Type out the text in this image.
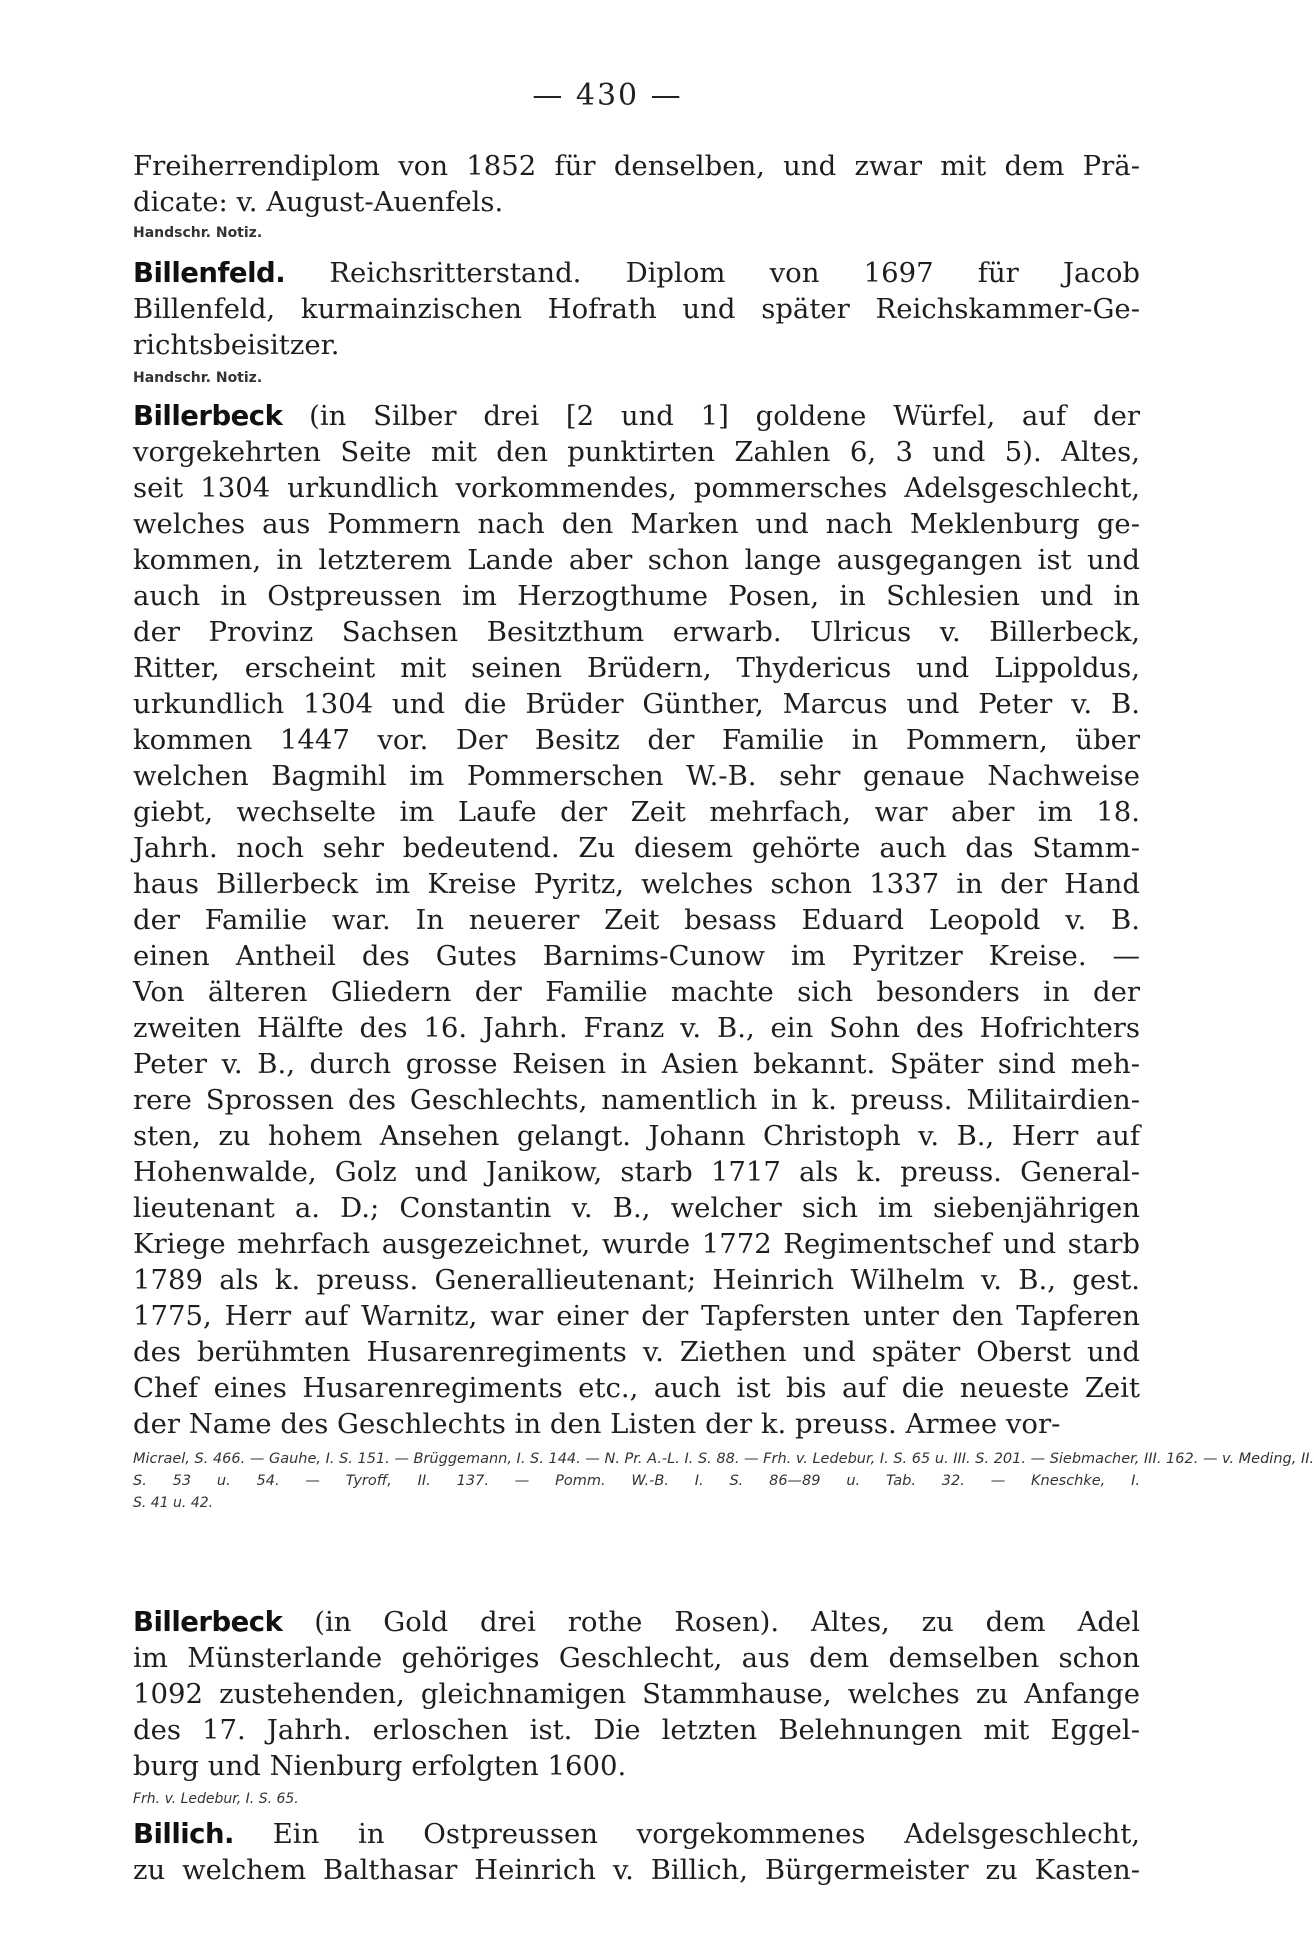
— 430 —
Freiherrendiplom von 1852 für denselben, und zwar mit dem Prä-
dicate: v. August-Auenfels.
Handschr. Notiz.
Billenfeld. Reichsritterstand. Diplom von 1697 für Jacob
Billenfeld, kurmainzischen Hofrath und später Reichskammer-Ge-
richtsbeisitzer.
Handschr. Notiz.
Billerbeck (in Silber drei [2 und 1] goldene Würfel, auf der
vorgekehrten Seite mit den punktirten Zahlen 6, 3 und 5). Altes,
seit 1304 urkundlich vorkommendes, pommersches Adelsgeschlecht,
welches aus Pommern nach den Marken und nach Meklenburg ge-
kommen, in letzterem Lande aber schon lange ausgegangen ist und
auch in Ostpreussen im Herzogthume Posen, in Schlesien und in
der Provinz Sachsen Besitzthum erwarb. Ulricus v. Billerbeck,
Ritter, erscheint mit seinen Brüdern, Thydericus und Lippoldus,
urkundlich 1304 und die Brüder Günther, Marcus und Peter v. B.
kommen 1447 vor. Der Besitz der Familie in Pommern, über
welchen Bagmihl im Pommerschen W.-B. sehr genaue Nachweise
giebt, wechselte im Laufe der Zeit mehrfach, war aber im 18.
Jahrh. noch sehr bedeutend. Zu diesem gehörte auch das Stamm-
haus Billerbeck im Kreise Pyritz, welches schon 1337 in der Hand
der Familie war. In neuerer Zeit besass Eduard Leopold v. B.
einen Antheil des Gutes Barnims-Cunow im Pyritzer Kreise. —
Von älteren Gliedern der Familie machte sich besonders in der
zweiten Hälfte des 16. Jahrh. Franz v. B., ein Sohn des Hofrichters
Peter v. B., durch grosse Reisen in Asien bekannt. Später sind meh-
rere Sprossen des Geschlechts, namentlich in k. preuss. Militairdien-
sten, zu hohem Ansehen gelangt. Johann Christoph v. B., Herr auf
Hohenwalde, Golz und Janikow, starb 1717 als k. preuss. General-
lieutenant a. D.; Constantin v. B., welcher sich im siebenjährigen
Kriege mehrfach ausgezeichnet, wurde 1772 Regimentschef und starb
1789 als k. preuss. Generallieutenant; Heinrich Wilhelm v. B., gest.
1775, Herr auf Warnitz, war einer der Tapfersten unter den Tapferen
des berühmten Husarenregiments v. Ziethen und später Oberst und
Chef eines Husarenregiments etc., auch ist bis auf die neueste Zeit
der Name des Geschlechts in den Listen der k. preuss. Armee vor-
Micrael, S. 466. — Gauhe, I. S. 151. — Brüggemann, I. S. 144. — N. Pr. A.-L. I. S. 88. — Frh. v. Ledebur, I. S. 65 u. III. S. 201. — Siebmacher, III. 162. — v. Meding, II.
S. 53 u. 54. — Tyroff, II. 137. — Pomm. W.-B. I. S. 86—89 u. Tab. 32. — Kneschke, I.
S. 41 u. 42.
Billerbeck (in Gold drei rothe Rosen). Altes, zu dem Adel
im Münsterlande gehöriges Geschlecht, aus dem demselben schon
1092 zustehenden, gleichnamigen Stammhause, welches zu Anfange
des 17. Jahrh. erloschen ist. Die letzten Belehnungen mit Eggel-
burg und Nienburg erfolgten 1600.
Frh. v. Ledebur, I. S. 65.
Billich. Ein in Ostpreussen vorgekommenes Adelsgeschlecht,
zu welchem Balthasar Heinrich v. Billich, Bürgermeister zu Kasten-
